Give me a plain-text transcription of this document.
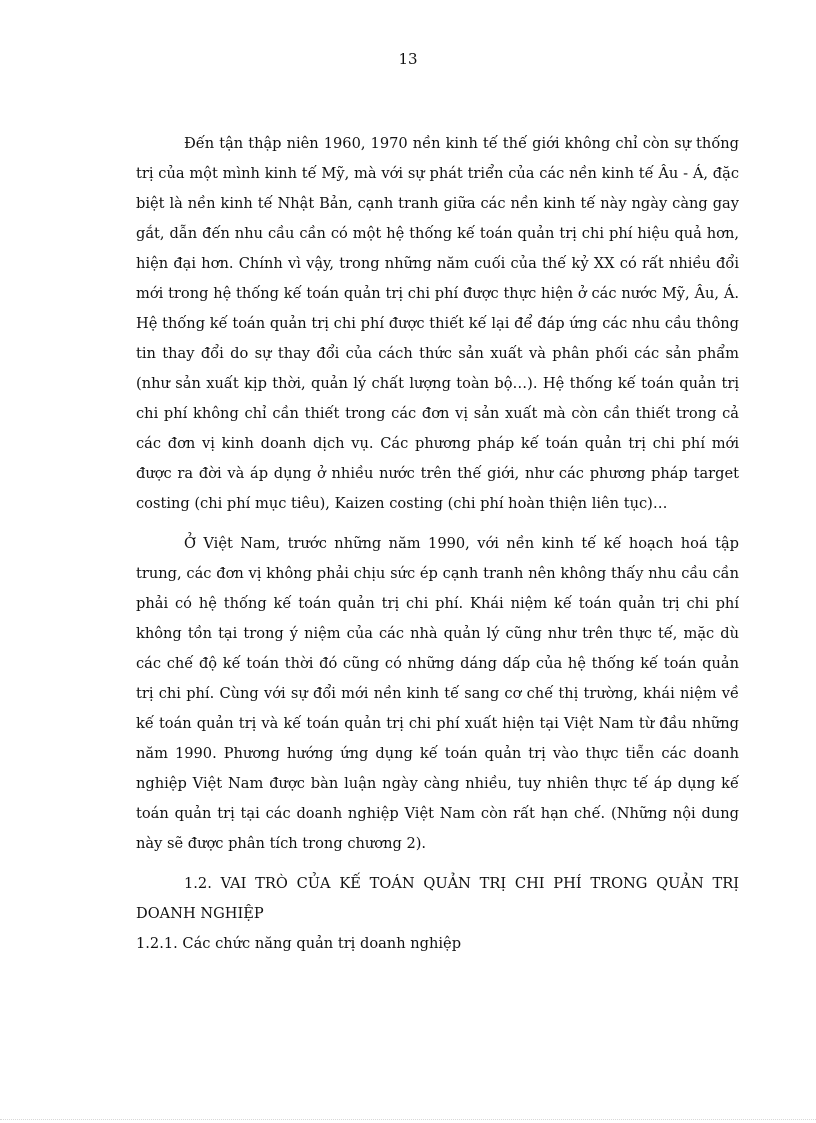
13

Đến tận thập niên 1960, 1970 nền kinh tế thế giới không chỉ còn sự thống trị của một mình kinh tế Mỹ, mà với sự phát triển của các nền kinh tế Âu - Á, đặc biệt là nền kinh tế Nhật Bản, cạnh tranh giữa các nền kinh tế này ngày càng gay gắt, dẫn đến nhu cầu cần có một hệ thống kế toán quản trị chi phí hiệu quả hơn, hiện đại hơn. Chính vì vậy, trong những năm cuối của thế kỷ XX có rất nhiều đổi mới trong hệ thống kế toán quản trị chi phí được thực hiện ở các nước Mỹ, Âu, Á. Hệ thống kế toán quản trị chi phí được thiết kế lại để đáp ứng các nhu cầu thông tin thay đổi do sự thay đổi của cách thức sản xuất và phân phối các sản phẩm (như sản xuất kịp thời, quản lý chất lượng toàn bộ…). Hệ thống kế toán quản trị chi phí không chỉ cần thiết trong các đơn vị sản xuất mà còn cần thiết trong cả các đơn vị kinh doanh dịch vụ. Các phương pháp kế toán quản trị chi phí mới được ra đời và áp dụng ở nhiều nước trên thế giới, như các phương pháp target costing (chi phí mục tiêu), Kaizen costing (chi phí hoàn thiện liên tục)…

Ở Việt Nam, trước những năm 1990, với nền kinh tế kế hoạch hoá tập trung, các đơn vị không phải chịu sức ép cạnh tranh nên không thấy nhu cầu cần phải có hệ thống kế toán quản trị chi phí. Khái niệm kế toán quản trị chi phí không tồn tại trong ý niệm của các nhà quản lý cũng như trên thực tế, mặc dù các chế độ kế toán thời đó cũng có những dáng dấp của hệ thống kế toán quản trị chi phí. Cùng với sự đổi mới nền kinh tế sang cơ chế thị trường, khái niệm về kế toán quản trị và kế toán quản trị chi phí xuất hiện tại Việt Nam từ đầu những năm 1990. Phương hướng ứng dụng kế toán quản trị vào thực tiễn các doanh nghiệp Việt Nam được bàn luận ngày càng nhiều, tuy nhiên thực tế áp dụng kế toán quản trị tại các doanh nghiệp Việt Nam còn rất hạn chế. (Những nội dung này sẽ được phân tích trong chương 2).

1.2. VAI TRÒ CỦA KẾ TOÁN QUẢN TRỊ CHI PHÍ TRONG QUẢN TRỊ DOANH NGHIỆP

1.2.1. Các chức năng quản trị doanh nghiệp
